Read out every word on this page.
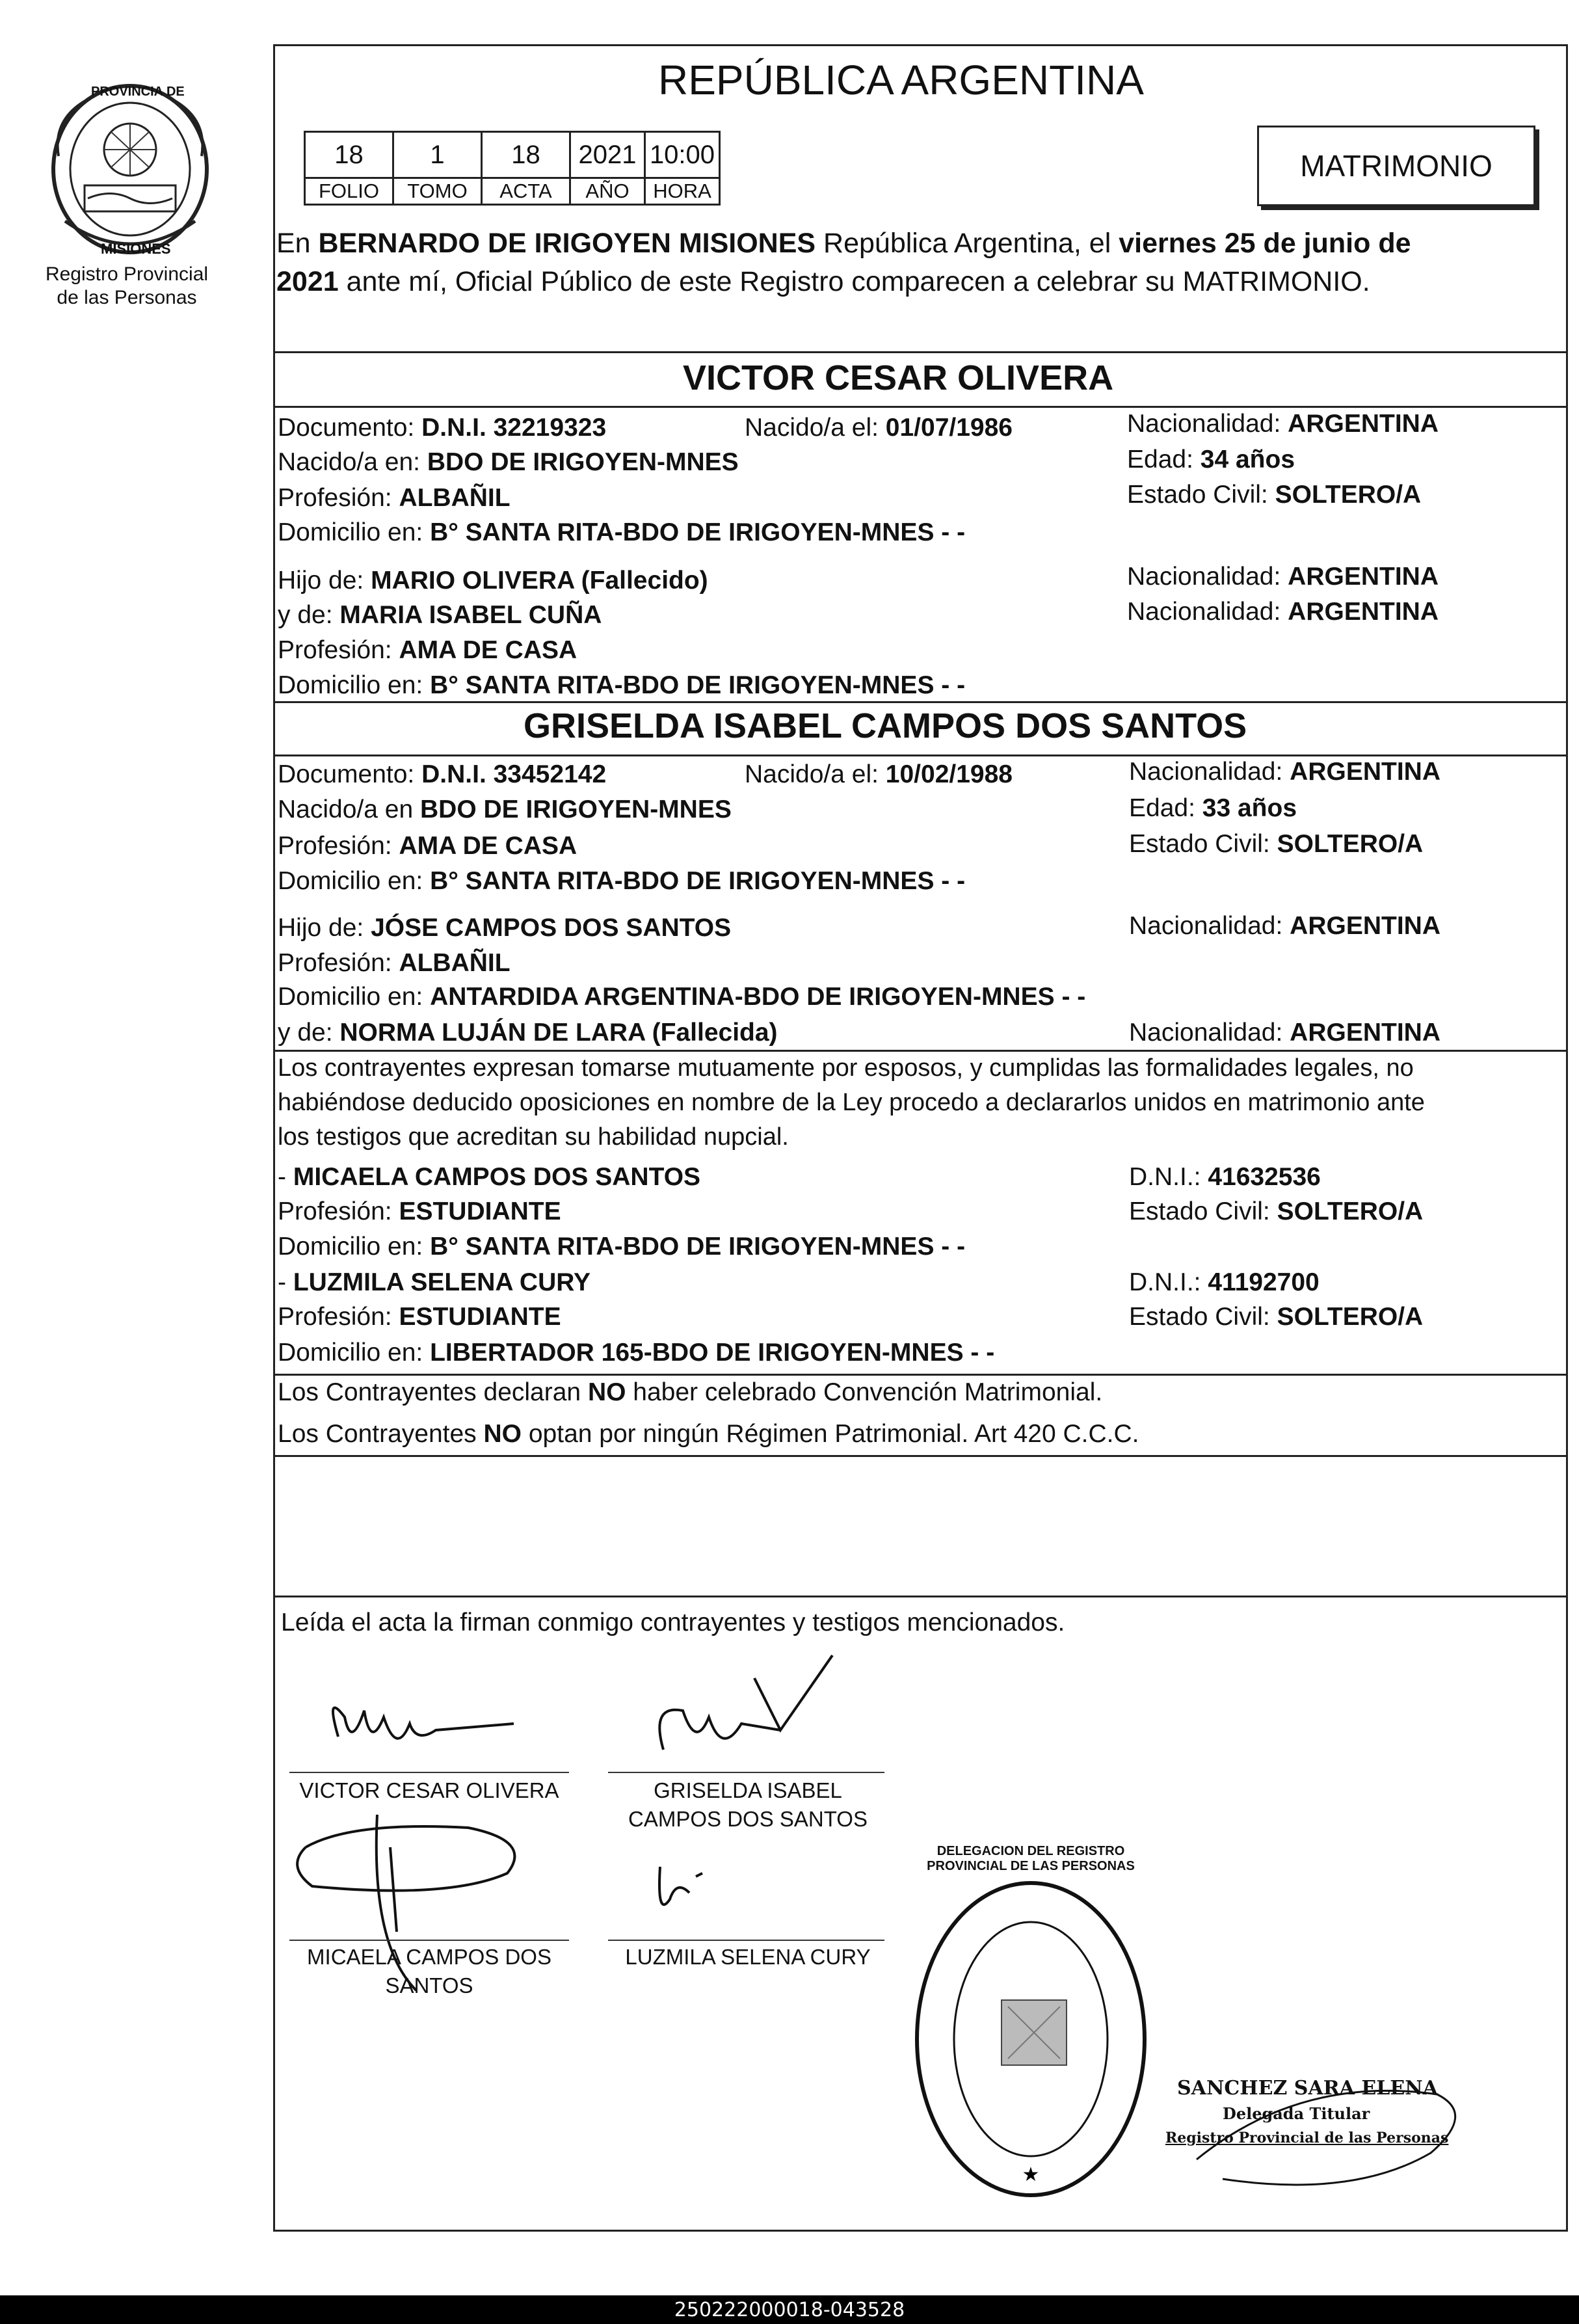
PROVINCIA DE
MISIONES
Registro Provincial
de las Personas
REPÚBLICA ARGENTINA
18	1	18	2021	10:00
FOLIO	TOMO	ACTA	AÑO	HORA
MATRIMONIO
En BERNARDO DE IRIGOYEN MISIONES República Argentina, el viernes 25 de junio de
2021 ante mí, Oficial Público de este Registro comparecen a celebrar su MATRIMONIO.
VICTOR CESAR OLIVERA
Documento: D.N.I. 32219323	Nacido/a el: 01/07/1986	Nacionalidad: ARGENTINA
Nacido/a en: BDO DE IRIGOYEN-MNES	Edad: 34 años
Profesión: ALBAÑIL	Estado Civil: SOLTERO/A
Domicilio en: B° SANTA RITA-BDO DE IRIGOYEN-MNES - -
Hijo de: MARIO OLIVERA (Fallecido)	Nacionalidad: ARGENTINA
y de: MARIA ISABEL CUÑA	Nacionalidad: ARGENTINA
Profesión: AMA DE CASA
Domicilio en: B° SANTA RITA-BDO DE IRIGOYEN-MNES - -
GRISELDA ISABEL CAMPOS DOS SANTOS
Documento: D.N.I. 33452142	Nacido/a el: 10/02/1988	Nacionalidad: ARGENTINA
Nacido/a en BDO DE IRIGOYEN-MNES	Edad: 33 años
Profesión: AMA DE CASA	Estado Civil: SOLTERO/A
Domicilio en: B° SANTA RITA-BDO DE IRIGOYEN-MNES - -
Hijo de: JÓSE CAMPOS DOS SANTOS	Nacionalidad: ARGENTINA
Profesión: ALBAÑIL
Domicilio en: ANTARDIDA ARGENTINA-BDO DE IRIGOYEN-MNES - -
y de: NORMA LUJÁN DE LARA (Fallecida)	Nacionalidad: ARGENTINA
Los contrayentes expresan tomarse mutuamente por esposos, y cumplidas las formalidades legales, no
habiéndose deducido oposiciones en nombre de la Ley procedo a declararlos unidos en matrimonio ante
los testigos que acreditan su habilidad nupcial.
- MICAELA CAMPOS DOS SANTOS	D.N.I.: 41632536
Profesión: ESTUDIANTE	Estado Civil: SOLTERO/A
Domicilio en: B° SANTA RITA-BDO DE IRIGOYEN-MNES - -
- LUZMILA SELENA CURY	D.N.I.: 41192700
Profesión: ESTUDIANTE	Estado Civil: SOLTERO/A
Domicilio en: LIBERTADOR 165-BDO DE IRIGOYEN-MNES - -
Los Contrayentes declaran NO haber celebrado Convención Matrimonial.
Los Contrayentes NO optan por ningún Régimen Patrimonial. Art 420 C.C.C.
Leída el acta la firman conmigo contrayentes y testigos mencionados.
VICTOR CESAR OLIVERA	GRISELDA ISABEL
CAMPOS DOS SANTOS
MICAELA CAMPOS DOS
SANTOS
LUZMILA SELENA CURY
★
DELEGACION DEL REGISTRO PROVINCIAL DE LAS PERSONAS
SANCHEZ SARA ELENA
Delegada Titular
Registro Provincial de las Personas
250222000018-043528
